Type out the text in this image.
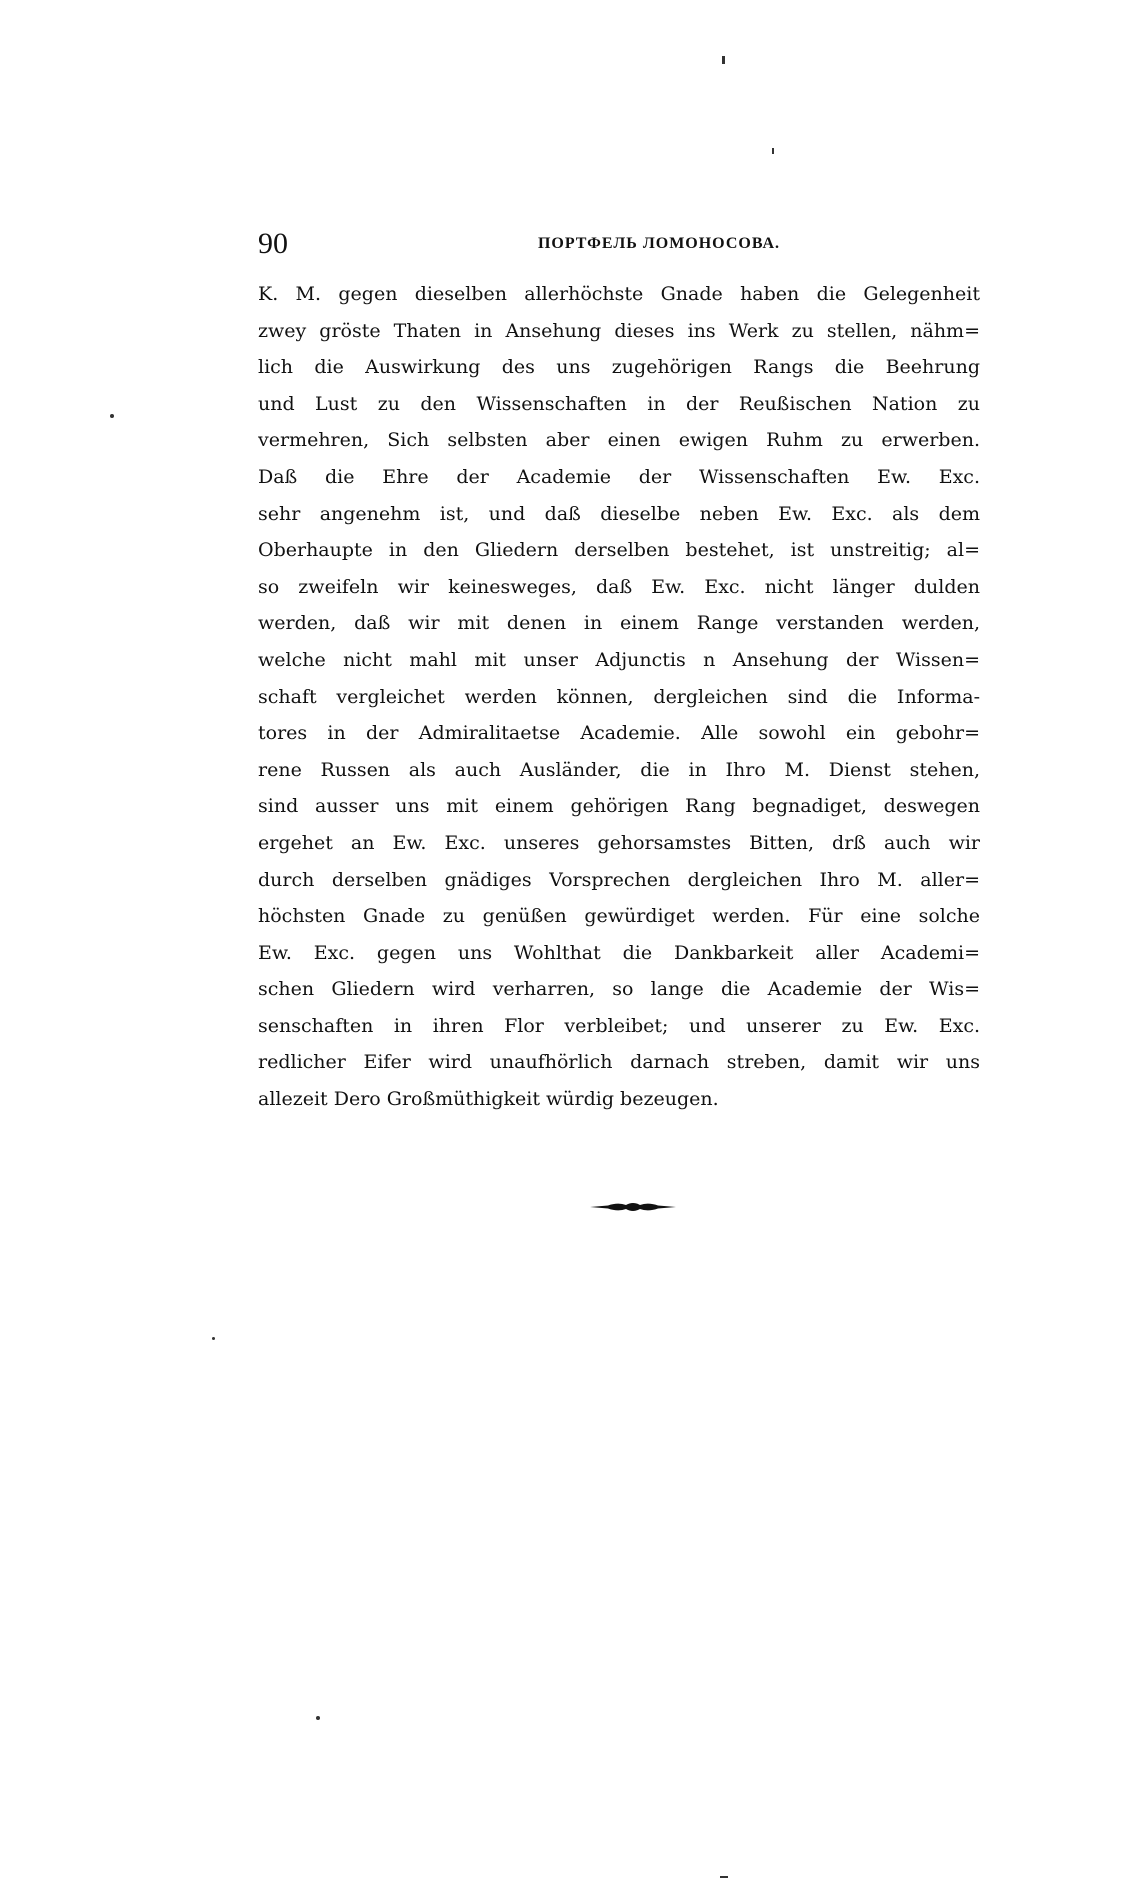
90	ПОРТФЕЛЬ ЛОМОНОСОВА.
K. M. gegen dieselben allerhöchste Gnade haben die Gelegenheit
zwey gröste Thaten in Ansehung dieses ins Werk zu stellen, nähm=
lich die Auswirkung des uns zugehörigen Rangs die Beehrung
und Lust zu den Wissenschaften in der Reußischen Nation zu
vermehren, Sich selbsten aber einen ewigen Ruhm zu erwerben.
Daß die Ehre der Academie der Wissenschaften Ew. Exc.
sehr angenehm ist, und daß dieselbe neben Ew. Exc. als dem
Oberhaupte in den Gliedern derselben bestehet, ist unstreitig; al=
so zweifeln wir keinesweges, daß Ew. Exc. nicht länger dulden
werden, daß wir mit denen in einem Range verstanden werden,
welche nicht mahl mit unser Adjunctis n Ansehung der Wissen=
schaft vergleichet werden können, dergleichen sind die Informa-
tores in der Admiralitaetse Academie. Alle sowohl ein gebohr=
rene Russen als auch Ausländer, die in Ihro M. Dienst stehen,
sind ausser uns mit einem gehörigen Rang begnadiget, deswegen
ergehet an Ew. Exc. unseres gehorsamstes Bitten, drß auch wir
durch derselben gnädiges Vorsprechen dergleichen Ihro M. aller=
höchsten Gnade zu genüßen gewürdiget werden. Für eine solche
Ew. Exc. gegen uns Wohlthat die Dankbarkeit aller Academi=
schen Gliedern wird verharren, so lange die Academie der Wis=
senschaften in ihren Flor verbleibet; und unserer zu Ew. Exc.
redlicher Eifer wird unaufhörlich darnach streben, damit wir uns
allezeit Dero Großmüthigkeit würdig bezeugen.
